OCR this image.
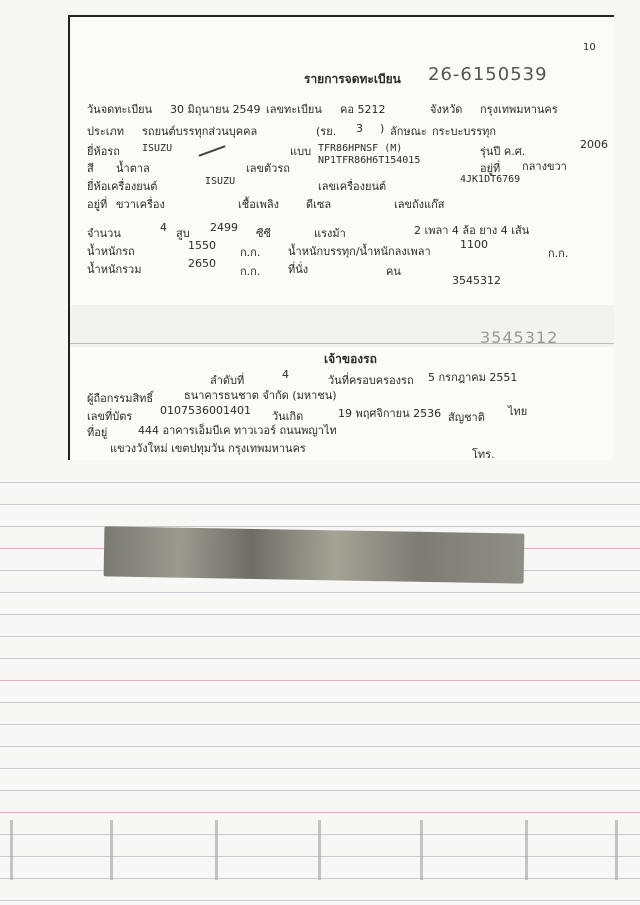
10
รายการจดทะเบียน 26-6150539
วันจดทะเบียน 30 มิถุนายน 2549 เลขทะเบียน คอ 5212	จังหวัด กรุงเทพมหานคร
ประเภท รถยนต์บรรทุกส่วนบุคคล	(รย. 3 ) ลักษณะ กระบะบรรทุก
ยี่ห้อรถ ISUZU	แบบ TFR86HPNSF (M)	รุ่นปี ค.ศ.
2006
สี น้ำตาล	เลขตัวรถ
NP1TFR86H6T154015
อยู่ที่ กลางขวา
ยี่ห้อเครื่องยนต์	ISUZU	เลขเครื่องยนต์
4JK1DT6769
อยู่ที่ ขวาเครื่อง	เชื้อเพลิง ดีเซล	เลขถังแก๊ส
จำนวน	4 สูบ 2499 ซีซี	แรงม้า	2 เพลา 4 ล้อ ยาง 4 เส้น
น้ำหนักรถ	1550
ก.ก.	น้ำหนักบรรทุก/น้ำหนักลงเพลา
1100
ก.ก.
น้ำหนักรวม	2650
ก.ก.	ที่นั่ง	คน
3545312
3545312
เจ้าของรถ
ลำดับที่	4	วันที่ครอบครองรถ 5 กรกฎาคม 2551
ผู้ถือกรรมสิทธิ์	ธนาคารธนชาต จำกัด (มหาชน)
เลขที่บัตร	0107536001401 วันเกิด	19 พฤศจิกายน 2536 สัญชาติ ไทย
ที่อยู่	444 อาคารเอ็มบีเค ทาวเวอร์ ถนนพญาไท
แขวงวังใหม่ เขตปทุมวัน กรุงเทพมหานคร	โทร.
